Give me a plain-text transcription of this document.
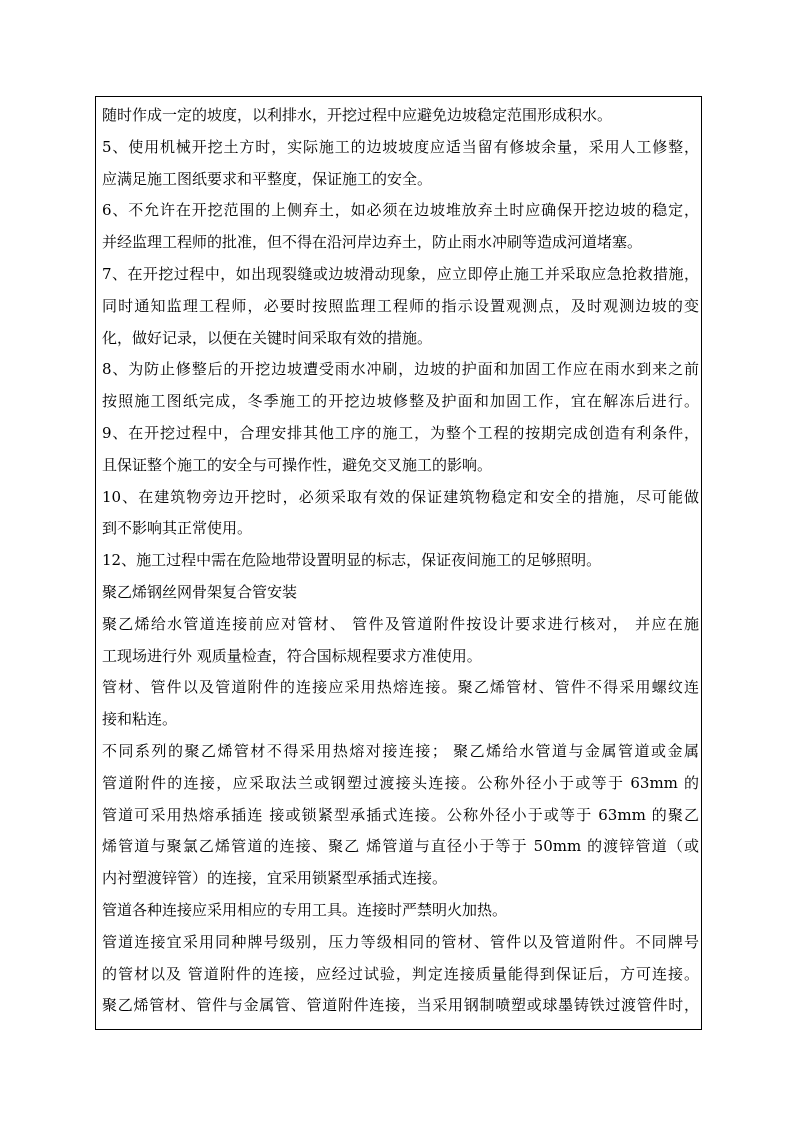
随时作成一定的坡度，以利排水，开挖过程中应避免边坡稳定范围形成积水。
5、使用机械开挖土方时，实际施工的边坡坡度应适当留有修坡余量，采用人工修整，
应满足施工图纸要求和平整度，保证施工的安全。
6、不允许在开挖范围的上侧弃土，如必须在边坡堆放弃土时应确保开挖边坡的稳定，
并经监理工程师的批准，但不得在沿河岸边弃土，防止雨水冲刷等造成河道堵塞。
7、在开挖过程中，如出现裂缝或边坡滑动现象，应立即停止施工并采取应急抢救措施，
同时通知监理工程师，必要时按照监理工程师的指示设置观测点，及时观测边坡的变
化，做好记录，以便在关键时间采取有效的措施。
8、为防止修整后的开挖边坡遭受雨水冲刷，边坡的护面和加固工作应在雨水到来之前
按照施工图纸完成，冬季施工的开挖边坡修整及护面和加固工作，宜在解冻后进行。
9、在开挖过程中，合理安排其他工序的施工，为整个工程的按期完成创造有利条件，
且保证整个施工的安全与可操作性，避免交叉施工的影响。
10、在建筑物旁边开挖时，必须采取有效的保证建筑物稳定和安全的措施，尽可能做
到不影响其正常使用。
12、施工过程中需在危险地带设置明显的标志，保证夜间施工的足够照明。
聚乙烯钢丝网骨架复合管安装
聚乙烯给水管道连接前应对管材、 管件及管道附件按设计要求进行核对， 并应在施
工现场进行外 观质量检查，符合国标规程要求方准使用。
管材、管件以及管道附件的连接应采用热熔连接。聚乙烯管材、管件不得采用螺纹连
接和粘连。
不同系列的聚乙烯管材不得采用热熔对接连接； 聚乙烯给水管道与金属管道或金属
管道附件的连接，应采取法兰或钢塑过渡接头连接。公称外径小于或等于 63mm 的
管道可采用热熔承插连 接或锁紧型承插式连接。公称外径小于或等于 63mm 的聚乙
烯管道与聚氯乙烯管道的连接、聚乙 烯管道与直径小于等于 50mm 的渡锌管道（或
内衬塑渡锌管）的连接，宜采用锁紧型承插式连接。
管道各种连接应采用相应的专用工具。连接时严禁明火加热。
管道连接宜采用同种牌号级别，压力等级相同的管材、管件以及管道附件。不同牌号
的管材以及 管道附件的连接，应经过试验，判定连接质量能得到保证后，方可连接。
聚乙烯管材、管件与金属管、管道附件连接，当采用钢制喷塑或球墨铸铁过渡管件时，
